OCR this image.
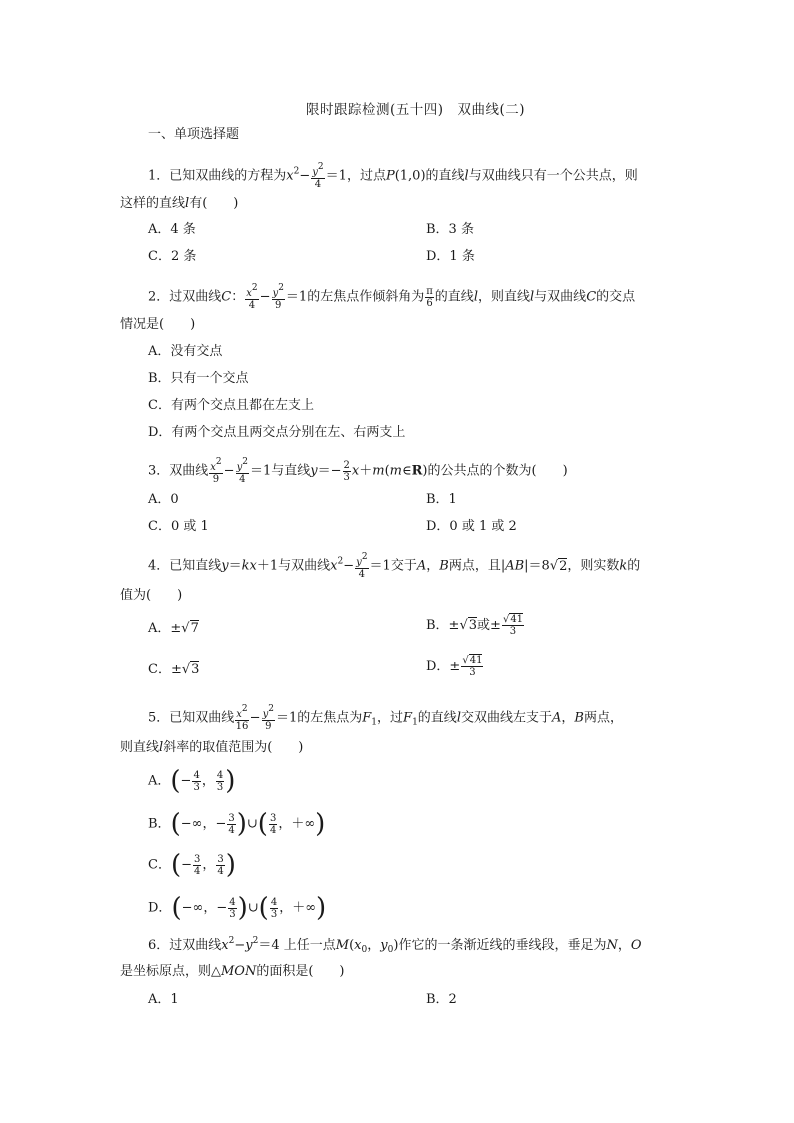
限时跟踪检测(五十四)　双曲线(二)
一、单项选择题
1．已知双曲线的方程为$x^2- \frac{y2}{4} =1$，过点P(1,0)的直线l与双曲线只有一个公共点，则
这样的直线l有(　　)
A．4 条	B．3 条
C．2 条	D．1 条
2．过双曲线C： $\frac{x2}{4} - \frac{y2}{9} =1$的左焦点作倾斜角为 $\frac{\pi}{6}$ 的直线l，则直线l与双曲线C的交点
情况是(　　)
A．没有交点
B．只有一个交点
C．有两个交点且都在左支上
D．有两个交点且两交点分别在左、右两支上
3．双曲线 $\frac{x2}{9} - \frac{y2}{4} =1$与直线$y=- \frac{2}{3}$ x＋m(m∈R)的公共点的个数为(　　)
A．0	B．1
C．0 或 1	D．0 或 1 或 2
4．已知直线y＝kx＋1与双曲线$x^2- \frac{y2}{4} =1$交于A，B两点，且|AB|＝8√2，则实数k的
值为(　　)
A．±√7	B．±√3或± $\frac{√41}{3}$
C．±√3	D．± $\frac{√41}{3}$
5．已知双曲线 $\frac{x2}{16} - \frac{y2}{9} =1$的左焦点为$F_1$，过$F_1$的直线l交双曲线左支于A，B两点，
则直线l斜率的取值范围为(　　)
A．(− $\frac{4}{3}$ ， $\frac{4}{3}$ )
B．(−∞，− $\frac{3}{4}$ )∪( $\frac{3}{4}$ ，＋∞)
C．(− $\frac{3}{4}$ ， $\frac{3}{4}$ )
D．(−∞，− $\frac{4}{3}$ )∪( $\frac{4}{3}$ ，＋∞)
6．过双曲线$x^2-y^2=4$ 上任一点$M(x_0$，$y_0$)作它的一条渐近线的垂线段，垂足为N，O
是坐标原点，则△MON的面积是(　　)
A．1	B．2
